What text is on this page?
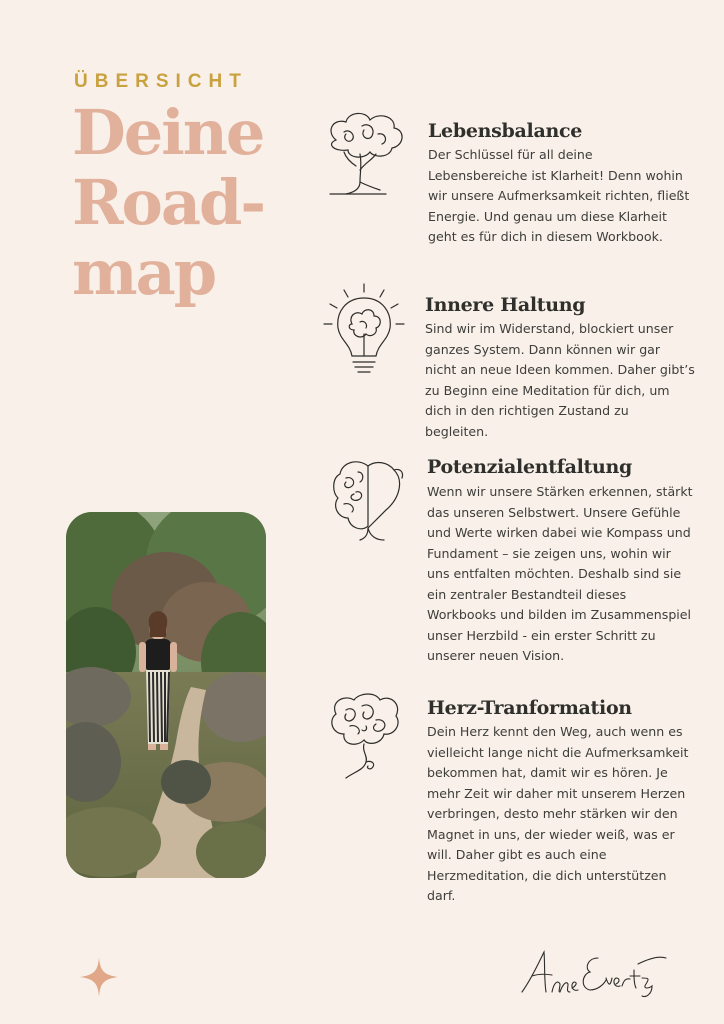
ÜBERSICHT
Deine
Road-
map
Lebensbalance

Der Schlüssel für all deine Lebensbereiche ist Klarheit! Denn wohin wir unsere Aufmerksamkeit richten, fließt Energie. Und genau um diese Klarheit geht es für dich in diesem Workbook.

Innere Haltung

Sind wir im Widerstand, blockiert unser ganzes System. Dann können wir gar nicht an neue Ideen kommen. Daher gibt’s zu Beginn eine Meditation für dich, um dich in den richtigen Zustand zu begleiten.

Potenzialentfaltung

Wenn wir unsere Stärken erkennen, stärkt das unseren Selbstwert. Unsere Gefühle und Werte wirken dabei wie Kompass und Fundament – sie zeigen uns, wohin wir uns entfalten möchten. Deshalb sind sie ein zentraler Bestandteil dieses Workbooks und bilden im Zusammenspiel unser Herzbild - ein erster Schritt zu unserer neuen Vision.

Herz-Tranformation

Dein Herz kennt den Weg, auch wenn es vielleicht lange nicht die Aufmerksamkeit bekommen hat, damit wir es hören. Je mehr Zeit wir daher mit unserem Herzen verbringen, desto mehr stärken wir den Magnet in uns, der wieder weiß, was er will. Daher gibt es auch eine Herzmeditation, die dich unterstützen darf.
